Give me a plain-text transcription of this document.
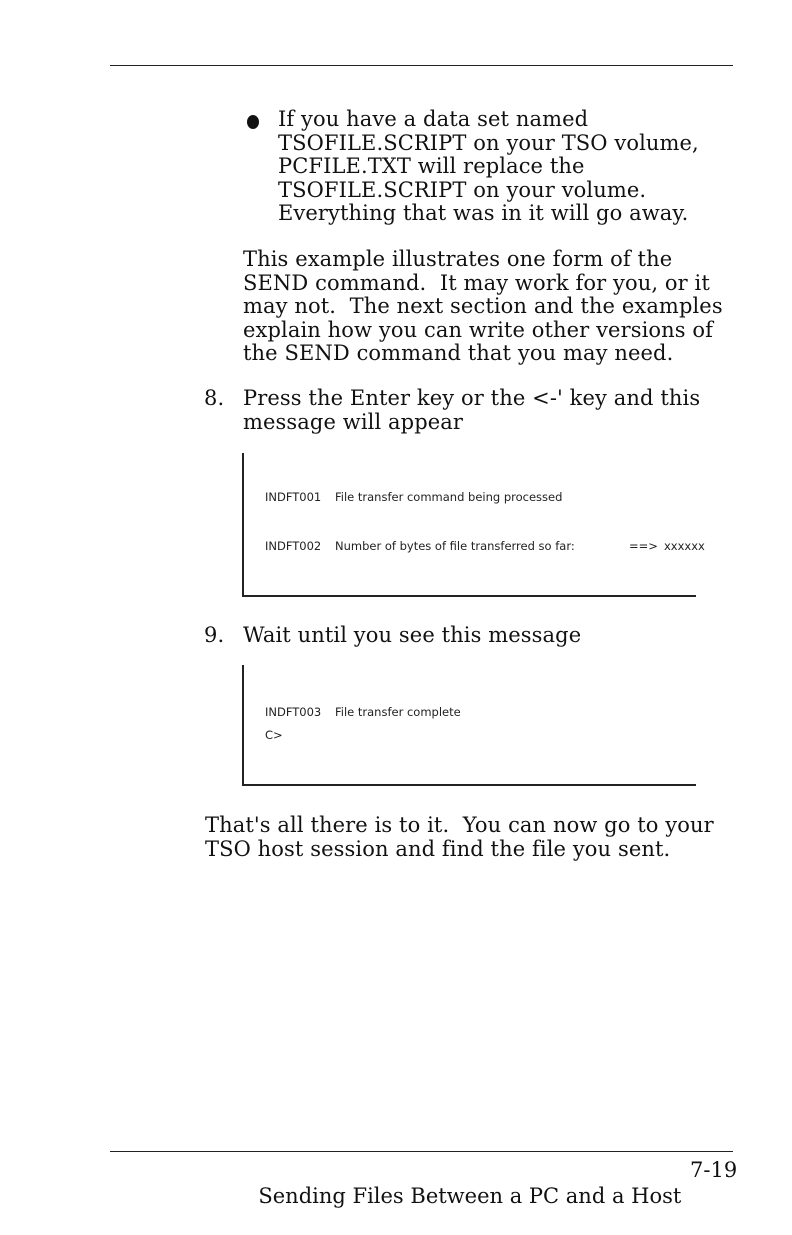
If you have a data set named
TSOFILE.SCRIPT on your TSO volume,
PCFILE.TXT will replace the
TSOFILE.SCRIPT on your volume.
Everything that was in it will go away.
This example illustrates one form of the
SEND command.  It may work for you, or it
may not.  The next section and the examples
explain how you can write other versions of
the SEND command that you may need.

8.

Press the Enter key or the <-' key and this
message will appear

INDFT001 File transfer command being processed
INDFT002 Number of bytes of file transferred so far:	==> xxxxxx

9.

Wait until you see this message

INDFT003 File transfer complete
C>
That's all there is to it.  You can now go to your
TSO host session and find the file you sent.

Sending Files Between a PC and a Host

7-19
